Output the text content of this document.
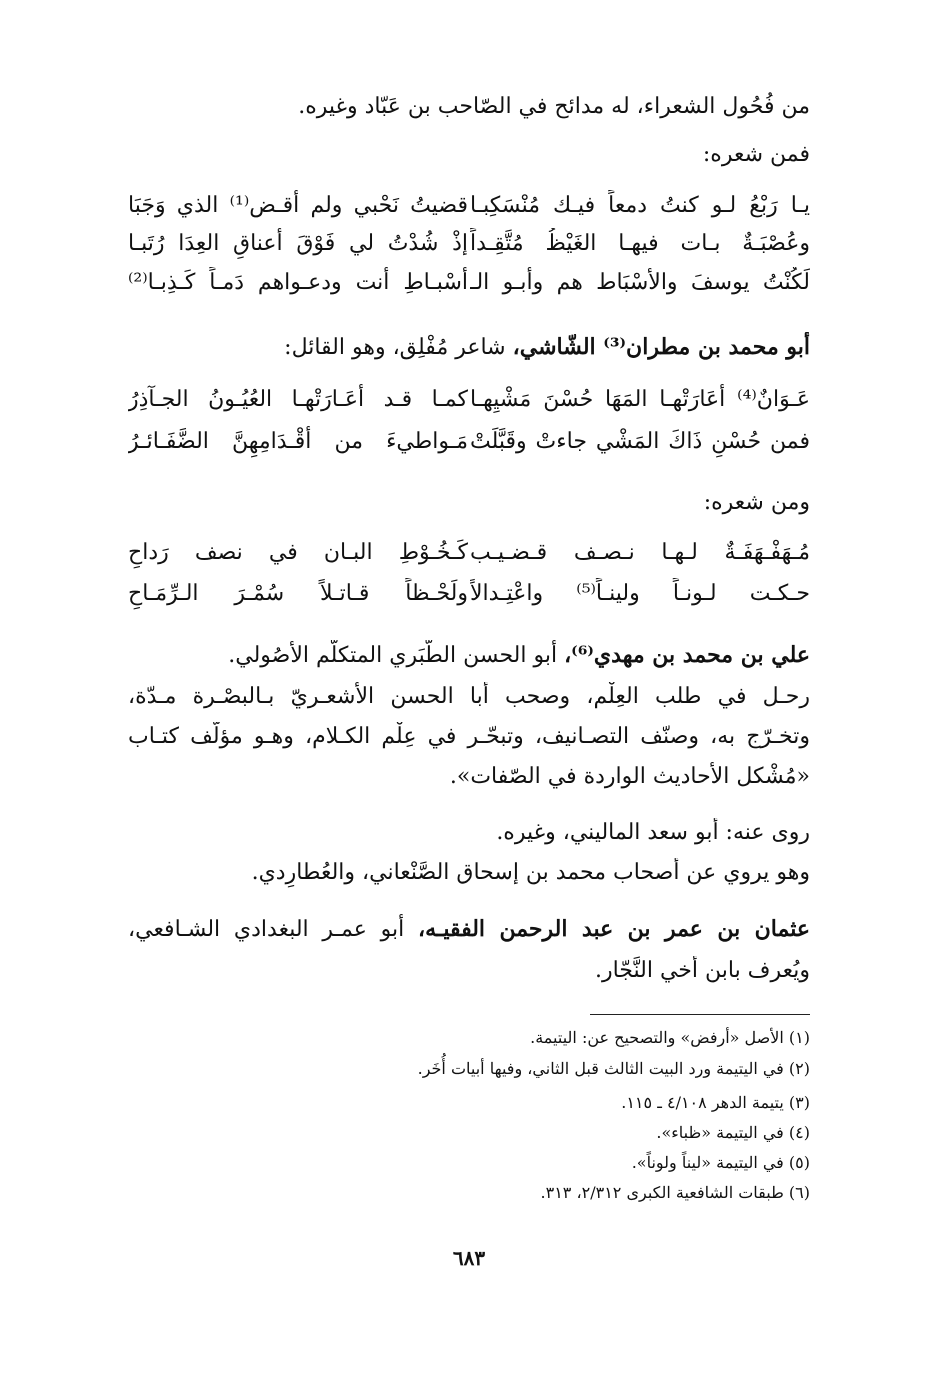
من فُحُول الشعراء، له مدائح في الصّاحب بن عَبّاد وغيره.
فمن شعره:
يـا رَبْعُ لـو كنتُ دمعاً فيـك مُنْسَكِبـا
قضيتُ نَحْبي ولم أقـض⁽¹⁾ الذي وَجَبَا
وعُصْبَـةٌ بـات فيهـا الغَيْظُ مُتَّقِـداً
إذْ شُدْتُ لي فَوْقَ أعناقِ العِدَا رُتَبـا
لَكُنْتُ يوسفَ والأَسْبَاط هم وأبـو الـ
أسْبـاطِ أنت ودعـواهم دَمـاً كَـذِبـا⁽²⁾
أبو محمد بن مطران⁽³⁾ الشّاشي، شاعر مُفْلِق، وهو القائل:
عَـوَانٌ⁽⁴⁾ أعَارَتْهـا المَهَا حُسْنَ مَشْيِهـا
كمـا قـد أعَـارَتْهـا العُيُـونُ الجـآذِرُ
فمن حُسْنِ ذَاكَ المَشْي جاءتْ وقَبَّلَتْ
مَـواطيءَ من أقْـدَامِهِنَّ الضَّفَـائـرُ
ومن شعره:
مُـهَفْـهَفَـةٌ لـهـا نـصـف قـضـيـب
كَـخُـوْطِ البـان في نصف رَداحِ
حـكـت لـونـاً ولينـاً⁽⁵⁾ واعْتِـدالاً
ولَحْـظاً قـاتـلاً سُمْـرَ الـرِّمَـاحِ
علي بن محمد بن مهدي⁽⁶⁾، أبو الحسن الطَّبَري المتكلّم الأُصُولي.
رحـل في طلب العِلْم، وصحب أبا الحسن الأشعـريّ بـالبصْـرة مـدّة،
وتخـرّج به، وصنّف التصـانيف، وتبحّـر في عِلْم الكـلام، وهـو مؤلّف كتـاب
«مُشْكل الأحاديث الواردة في الصّفات».
روى عنه: أبو سعد الماليني، وغيره.
وهو يروي عن أصحاب محمد بن إسحاق الصَّنْعاني، والعُطارِدي.
عثمان بن عمر بن عبد الرحمن الفقيـه، أبو عمـر البغدادي الشـافعي،
ويُعرف بابن أخي النَّجّار.
(١) الأصل «أرفض» والتصحيح عن: اليتيمة.
(٢) في اليتيمة ورد البيت الثالث قبل الثاني، وفيها أبيات أُخَر.
(٣) يتيمة الدهر ٤/١٠٨ ـ ١١٥.
(٤) في اليتيمة «ظباء».
(٥) في اليتيمة «ليناً ولوناً».
(٦) طبقات الشافعية الكبرى ٢/٣١٢، ٣١٣.
٦٨٣
